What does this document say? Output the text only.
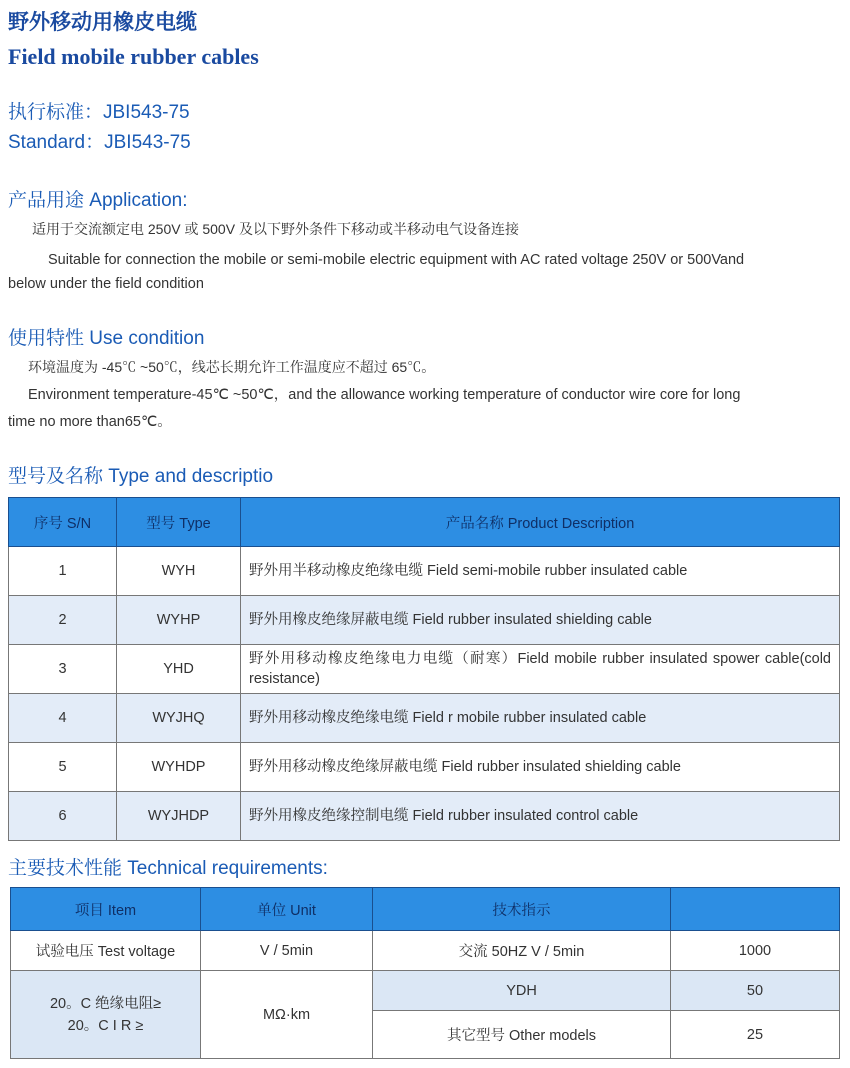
野外移动用橡皮电缆
Field mobile rubber cables
执行标准：JBI543-75
Standard：JBI543-75
产品用途 Application:
适用于交流额定电 250V 或 500V 及以下野外条件下移动或半移动电气设备连接
Suitable for connection the mobile or semi-mobile electric equipment with AC rated voltage 250V or 500Vand
below under the field condition
使用特性 Use condition
环境温度为 -45℃ ~50℃，线芯长期允许工作温度应不超过 65℃。
Environment temperature-45℃ ~50℃，and the allowance working temperature of conductor wire core for long
time no more than65℃。
型号及名称 Type and descriptio
序号 S/N	型号 Type	产品名称 Product Description
1	WYH	野外用半移动橡皮绝缘电缆 Field semi-mobile rubber insulated cable
2	WYHP	野外用橡皮绝缘屏蔽电缆 Field rubber insulated shielding cable
3	YHD	野外用移动橡皮绝缘电力电缆（耐寒）Field mobile rubber insulated spower cable(cold resistance)
4	WYJHQ	野外用移动橡皮绝缘电缆 Field r mobile rubber insulated cable
5	WYHDP	野外用移动橡皮绝缘屏蔽电缆 Field rubber insulated shielding cable
6	WYJHDP	野外用橡皮绝缘控制电缆 Field rubber insulated control cable
主要技术性能 Technical requirements:
项目 Item	单位 Unit	技术指示	
试验电压 Test voltage	V / 5min	交流 50HZ V / 5min	1000

20。C 绝缘电阻≥
20。C I R ≥	MΩ·km	YDH	50
		其它型号 Other models	25
